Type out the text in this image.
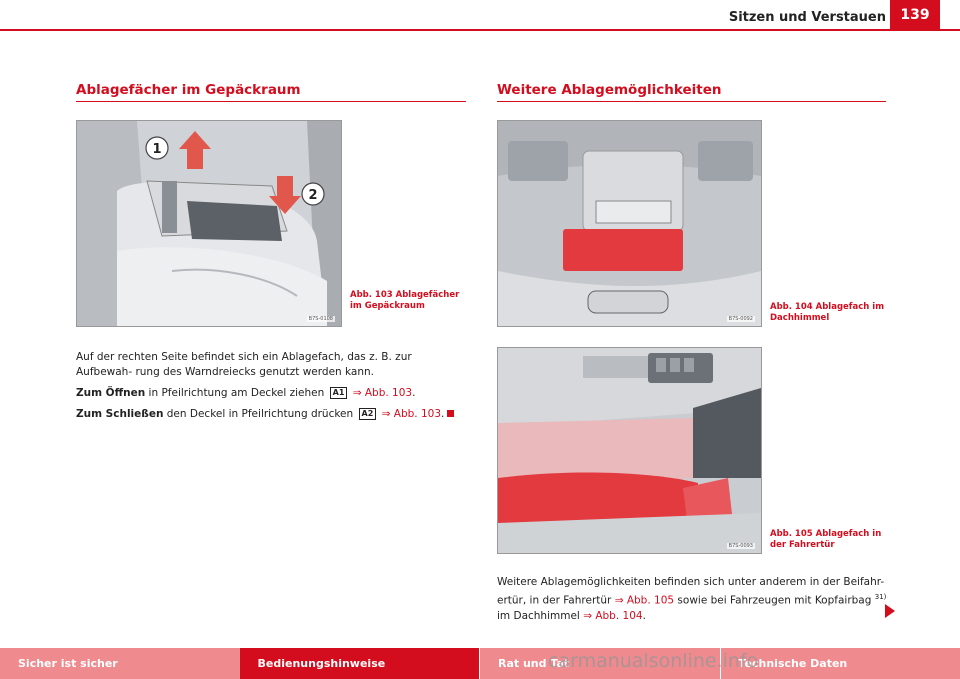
Sitzen und Verstauen	139
Ablagefächer im Gepäckraum
1
2
B7S-0108
Abb. 103 Ablagefächer im Gepäckraum

Auf der rechten Seite befindet sich ein Ablagefach, das z. B. zur Aufbewah- rung des Warndreiecks genutzt werden kann.

Zum Öffnen in Pfeilrichtung am Deckel ziehen A1 ⇒ Abb. 103.

Zum Schließen den Deckel in Pfeilrichtung drücken A2 ⇒ Abb. 103.

Weitere Ablagemöglichkeiten
B7S-0092
Abb. 104 Ablagefach im Dachhimmel
B7S-0093
Abb. 105 Ablagefach in der Fahrertür
Weitere Ablagemöglichkeiten befinden sich unter anderem in der Beifahr- ertür, in der Fahrertür ⇒ Abb. 105 sowie bei Fahrzeugen mit Kopfairbag $^{31)}$ im Dachhimmel ⇒ Abb. 104.
Sicher ist sicher	Bedienungshinweise	Rat und Tat	Technische Daten
carmanualsonline.info
